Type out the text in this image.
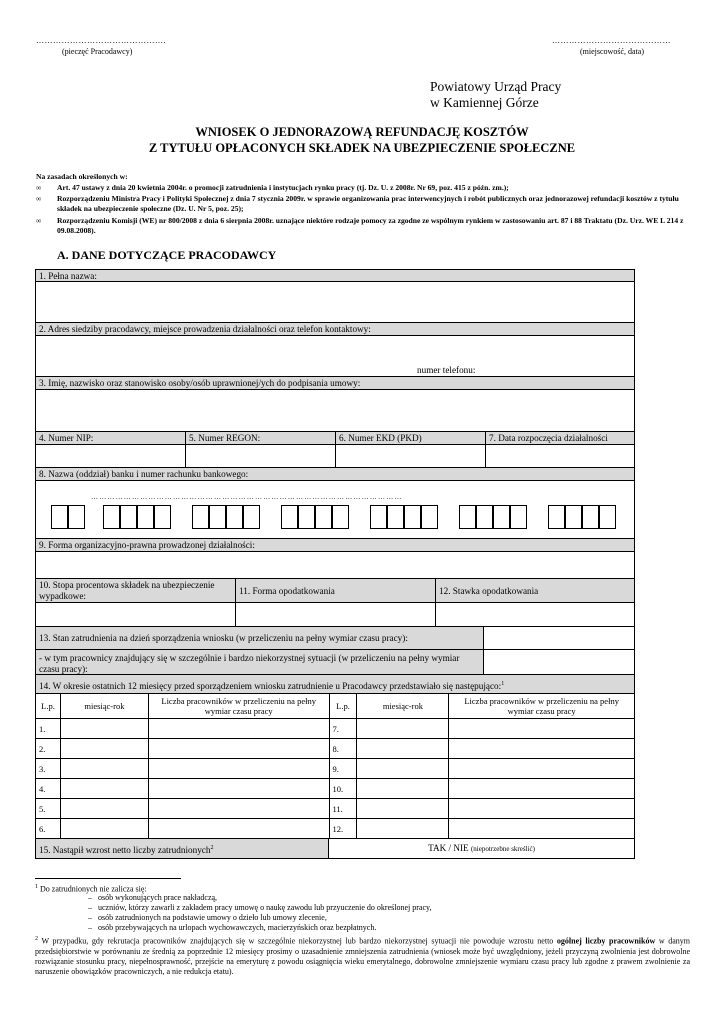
……………………………………….
(pieczęć Pracodawcy)
……………………………………
(miejscowość, data)
Powiatowy Urząd Pracy
w Kamiennej Górze
WNIOSEK O JEDNORAZOWĄ REFUNDACJĘ KOSZTÓW
Z TYTUŁU OPŁACONYCH SKŁADEK NA UBEZPIECZENIE SPOŁECZNE
Na zasadach określonych w:
∞ Art. 47 ustawy z dnia 20 kwietnia 2004r. o promocji zatrudnienia i instytucjach rynku pracy (tj. Dz. U. z 2008r. Nr 69, poz. 415 z późn. zm.);
∞ Rozporządzeniu Ministra Pracy i Polityki Społecznej z dnia 7 stycznia 2009r. w sprawie organizowania prac interwencyjnych i robót publicznych oraz jednorazowej refundacji kosztów z tytułu składek na ubezpieczenie społeczne (Dz. U. Nr 5, poz. 25);
∞ Rozporządzeniu Komisji (WE) nr 800/2008 z dnia 6 sierpnia 2008r. uznające niektóre rodzaje pomocy za zgodne ze wspólnym rynkiem w zastosowaniu art. 87 i 88 Traktatu (Dz. Urz. WE L 214 z 09.08.2008).
A. DANE DOTYCZĄCE PRACODAWCY
1. Pełna nazwa:
2. Adres siedziby pracodawcy, miejsce prowadzenia działalności oraz telefon kontaktowy:
numer telefonu:
3. Imię, nazwisko oraz stanowisko osoby/osób uprawnionej/ych do podpisania umowy:
4. Numer NIP:	5. Numer REGON:	6. Numer EKD (PKD)	7. Data rozpoczęcia działalności
8. Nazwa (oddział) banku i numer rachunku bankowego:
……………………………………………………………………………………………………
9. Forma organizacyjno-prawna prowadzonej działalności:
10. Stopa procentowa składek na ubezpieczenie wypadkowe:	11. Forma opodatkowania	12. Stawka opodatkowania
13. Stan zatrudnienia na dzień sporządzenia wniosku (w przeliczeniu na pełny wymiar czasu pracy):
- w tym pracownicy znajdujący się w szczególnie i bardzo niekorzystnej sytuacji (w przeliczeniu na pełny wymiar czasu pracy):
14. W okresie ostatnich 12 miesięcy przed sporządzeniem wniosku zatrudnienie u Pracodawcy przedstawiało się następująco:$^1$
L.p.	miesiąc-rok	Liczba pracowników w przeliczeniu na pełny wymiar czasu pracy	L.p.	miesiąc-rok	Liczba pracowników w przeliczeniu na pełny wymiar czasu pracy
1.			7.		
2.			8.		
3.			9.		
4.			10.		
5.			11.		
6.			12.		
15. Nastąpił wzrost netto liczby zatrudnionych$^2$	TAK / NIE (niepotrzebne skreślić)
$^1$ Do zatrudnionych nie zalicza się:
– osób wykonujących prace nakładczą,
– uczniów, którzy zawarli z zakładem pracy umowę o naukę zawodu lub przyuczenie do określonej pracy,
– osób zatrudnionych na podstawie umowy o dzieło lub umowy zlecenie,
– osób przebywających na urlopach wychowawczych, macierzyńskich oraz bezpłatnych.
$^2$ W przypadku, gdy rekrutacja pracowników znajdujących się w szczególnie niekorzystnej lub bardzo niekorzystnej sytuacji nie powoduje wzrostu netto ogólnej liczby pracowników w danym przedsiębiorstwie w porównaniu ze średnią za poprzednie 12 miesięcy prosimy o uzasadnienie zmniejszenia zatrudnienia (wniosek może być uwzględniony, jeżeli przyczyną zwolnienia jest dobrowolne rozwiązanie stosunku pracy, niepełnosprawność, przejście na emeryturę z powodu osiągnięcia wieku emerytalnego, dobrowolne zmniejszenie wymiaru czasu pracy lub zgodne z prawem zwolnienie za naruszenie obowiązków pracowniczych, a nie redukcja etatu).
